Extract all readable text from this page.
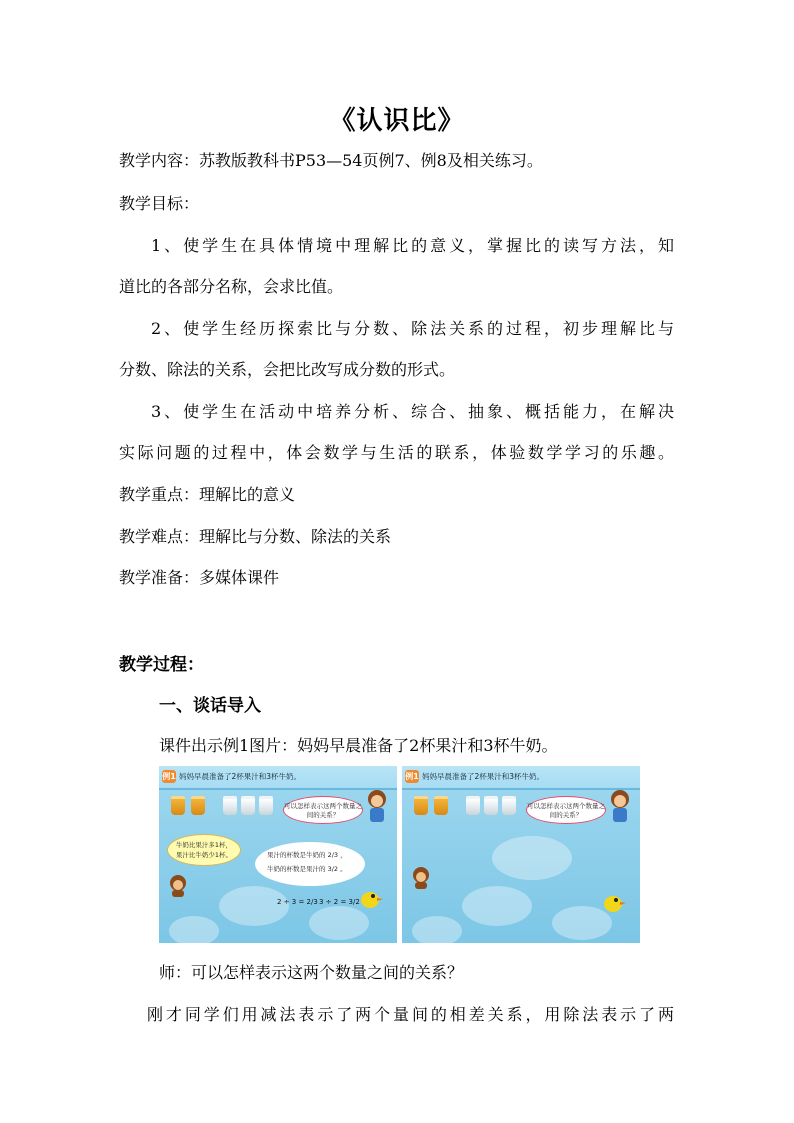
《认识比》
教学内容：苏教版教科书P53—54页例7、例8及相关练习。
教学目标：
1、使学生在具体情境中理解比的意义，掌握比的读写方法，知
道比的各部分名称，会求比值。
2、使学生经历探索比与分数、除法关系的过程，初步理解比与
分数、除法的关系，会把比改写成分数的形式。
3、使学生在活动中培养分析、综合、抽象、概括能力，在解决
实际问题的过程中，体会数学与生活的联系，体验数学学习的乐趣。
教学重点：理解比的意义
教学难点：理解比与分数、除法的关系
教学准备：多媒体课件
教学过程：
一、谈话导入
课件出示例1图片：妈妈早晨准备了2杯果汁和3杯牛奶。
例1 妈妈早晨准备了2杯果汁和3杯牛奶。
可以怎样表示这两个数量之间的关系？
牛奶比果汁多1杯，
果汁比牛奶少1杯。	果汁的杯数是牛奶的 2/3 ，
牛奶的杯数是果汁的 3/2 。
2 ÷ 3 = 2/3 3 ÷ 2 = 3/2
例1 妈妈早晨准备了2杯果汁和3杯牛奶。
可以怎样表示这两个数量之间的关系？
师：可以怎样表示这两个数量之间的关系？
刚才同学们用减法表示了两个量间的相差关系，用除法表示了两
